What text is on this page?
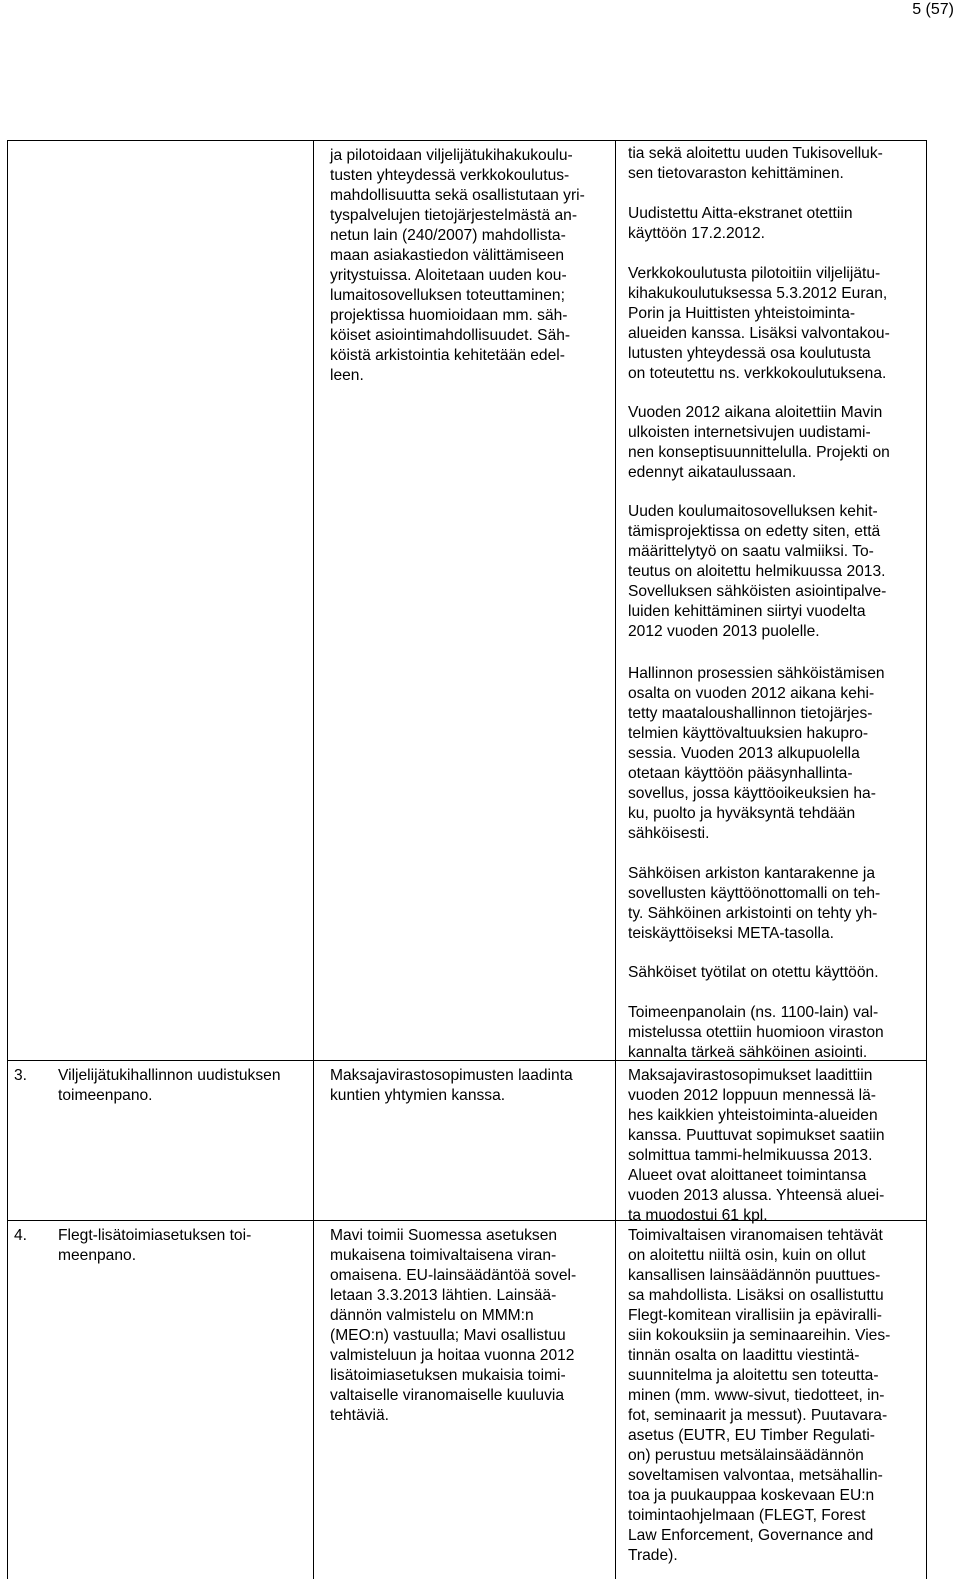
5 (57)
ja pilotoidaan viljelijätukihakukoulu-
tusten yhteydessä verkkokoulutus-
mahdollisuutta sekä osallistutaan yri-
tyspalvelujen tietojärjestelmästä an-
netun lain (240/2007) mahdollista-
maan asiakastiedon välittämiseen
yritystuissa. Aloitetaan uuden kou-
lumaitosovelluksen toteuttaminen;
projektissa huomioidaan mm. säh-
köiset asiointimahdollisuudet. Säh-
köistä arkistointia kehitetään edel-
leen.
tia sekä aloitettu uuden Tukisovelluk-
sen tietovaraston kehittäminen.
Uudistettu Aitta-ekstranet otettiin
käyttöön 17.2.2012.
Verkkokoulutusta pilotoitiin viljelijätu-
kihakukoulutuksessa 5.3.2012 Euran,
Porin ja Huittisten yhteistoiminta-
alueiden kanssa. Lisäksi valvontakou-
lutusten yhteydessä osa koulutusta
on toteutettu ns. verkkokoulutuksena.
Vuoden 2012 aikana aloitettiin Mavin
ulkoisten internetsivujen uudistami-
nen konseptisuunnittelulla. Projekti on
edennyt aikataulussaan.
Uuden koulumaitosovelluksen kehit-
tämisprojektissa on edetty siten, että
määrittelytyö on saatu valmiiksi. To-
teutus on aloitettu helmikuussa 2013.
Sovelluksen sähköisten asiointipalve-
luiden kehittäminen siirtyi vuodelta
2012 vuoden 2013 puolelle.
Hallinnon prosessien sähköistämisen
osalta on vuoden 2012 aikana kehi-
tetty maataloushallinnon tietojärjes-
telmien käyttövaltuuksien hakupro-
sessia. Vuoden 2013 alkupuolella
otetaan käyttöön pääsynhallinta-
sovellus, jossa käyttöoikeuksien ha-
ku, puolto ja hyväksyntä tehdään
sähköisesti.
Sähköisen arkiston kantarakenne ja
sovellusten käyttöönottomalli on teh-
ty. Sähköinen arkistointi on tehty yh-
teiskäyttöiseksi META-tasolla.
Sähköiset työtilat on otettu käyttöön.
Toimeenpanolain (ns. 1100-lain) val-
mistelussa otettiin huomioon viraston
kannalta tärkeä sähköinen asiointi.
3. Viljelijätukihallinnon uudistuksen
toimeenpano.
Maksajavirastosopimusten laadinta
kuntien yhtymien kanssa.
Maksajavirastosopimukset laadittiin
vuoden 2012 loppuun mennessä lä-
hes kaikkien yhteistoiminta-alueiden
kanssa. Puuttuvat sopimukset saatiin
solmittua tammi-helmikuussa 2013.
Alueet ovat aloittaneet toimintansa
vuoden 2013 alussa. Yhteensä aluei-
ta muodostui 61 kpl.
4. Flegt-lisätoimiasetuksen toi-
meenpano.
Mavi toimii Suomessa asetuksen
mukaisena toimivaltaisena viran-
omaisena. EU-lainsäädäntöä sovel-
letaan 3.3.2013 lähtien. Lainsää-
dännön valmistelu on MMM:n
(MEO:n) vastuulla; Mavi osallistuu
valmisteluun ja hoitaa vuonna 2012
lisätoimiasetuksen mukaisia toimi-
valtaiselle viranomaiselle kuuluvia
tehtäviä.
Toimivaltaisen viranomaisen tehtävät
on aloitettu niiltä osin, kuin on ollut
kansallisen lainsäädännön puuttues-
sa mahdollista. Lisäksi on osallistuttu
Flegt-komitean virallisiin ja epäviralli-
siin kokouksiin ja seminaareihin. Vies-
tinnän osalta on laadittu viestintä-
suunnitelma ja aloitettu sen toteutta-
minen (mm. www-sivut, tiedotteet, in-
fot, seminaarit ja messut). Puutavara-
asetus (EUTR, EU Timber Regulati-
on) perustuu metsälainsäädännön
soveltamisen valvontaa, metsähallin-
toa ja puukauppaa koskevaan EU:n
toimintaohjelmaan (FLEGT, Forest
Law Enforcement, Governance and
Trade).
